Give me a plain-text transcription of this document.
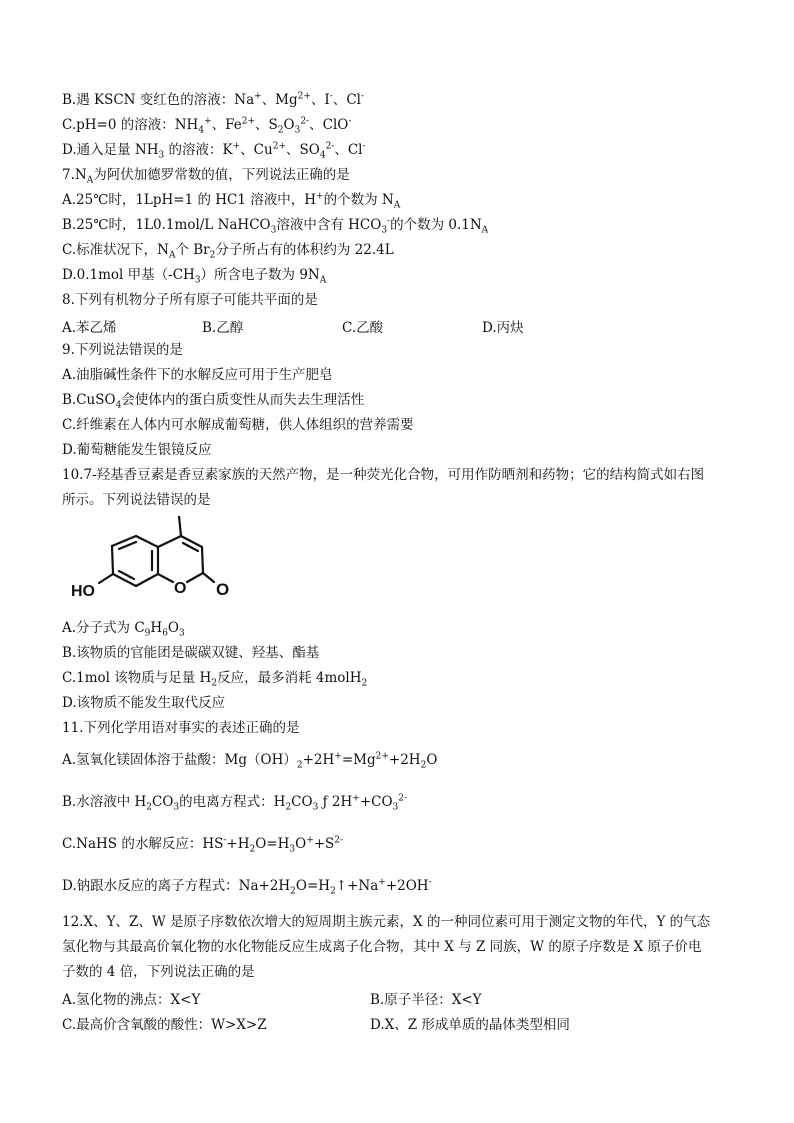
B.遇 KSCN 变红色的溶液：Na+、$Mg^{2+}$、I-、Cl-
C.pH=0 的溶液：$NH_4^+$、$Fe^{2+}$、$S_2O_3^{2-}$、ClO-
D.通入足量 $NH_3$ 的溶液：K+、$Cu^{2+}$、$SO_4^{2-}$、Cl-
$7.N_A$为阿伏加德罗常数的值，下列说法正确的是
A.25℃时，1LpH=1 的 HC1 溶液中，H+的个数为 $N_A$
B.25℃时，1L0.1mol/L NaHCO$_3$溶液中含有 $HCO_3^-$的个数为 $0.1N_A$
C.标准状况下，$N_A$个 $Br_2$分子所占有的体积约为 22.4L
D.0.1mol 甲基$(-CH_3)$所含电子数为 $9N_A$
8.下列有机物分子所有原子可能共平面的是
A.苯乙烯	B.乙醇	C.乙酸	D.丙炔
9.下列说法错误的是
A.油脂碱性条件下的水解反应可用于生产肥皂
B.CuSO$_4$会使体内的蛋白质变性从而失去生理活性
C.纤维素在人体内可水解成葡萄糖，供人体组织的营养需要
D.葡萄糖能发生银镜反应
10.7-羟基香豆素是香豆素家族的天然产物，是一种荧光化合物，可用作防晒剂和药物；它的结构简式如右图
所示。下列说法错误的是
HO	O O
A.分子式为 $C_9H_6O_3$
B.该物质的官能团是碳碳双键、羟基、酯基
C.1mol 该物质与足量 $H_2$反应，最多消耗 4molH$_2$
D.该物质不能发生取代反应
11.下列化学用语对事实的表述正确的是
A.氢氧化镁固体溶于盐酸：$Mg(OH)_2+2H^+=Mg^{2+}+2H_2O$
B.水溶液中 $H_2CO_3$的电离方程式：$H_2CO_3$ ƒ $2H^++CO_3^{2-}$
C.NaHS 的水解反应：$HS^-+H_2O=H_3O^++S^{2-}$
D.钠跟水反应的离子方程式：$Na+2H_2O=H_2↑+Na^++2OH^-$
12.X、Y、Z、W 是原子序数依次增大的短周期主族元素，X 的一种同位素可用于测定文物的年代，Y 的气态
氢化物与其最高价氧化物的水化物能反应生成离子化合物，其中 X 与 Z 同族，W 的原子序数是 X 原子价电
子数的 4 倍，下列说法正确的是
A.氢化物的沸点：X<Y	B.原子半径：X<Y
C.最高价含氧酸的酸性：W>X>Z	D.X、Z 形成单质的晶体类型相同
